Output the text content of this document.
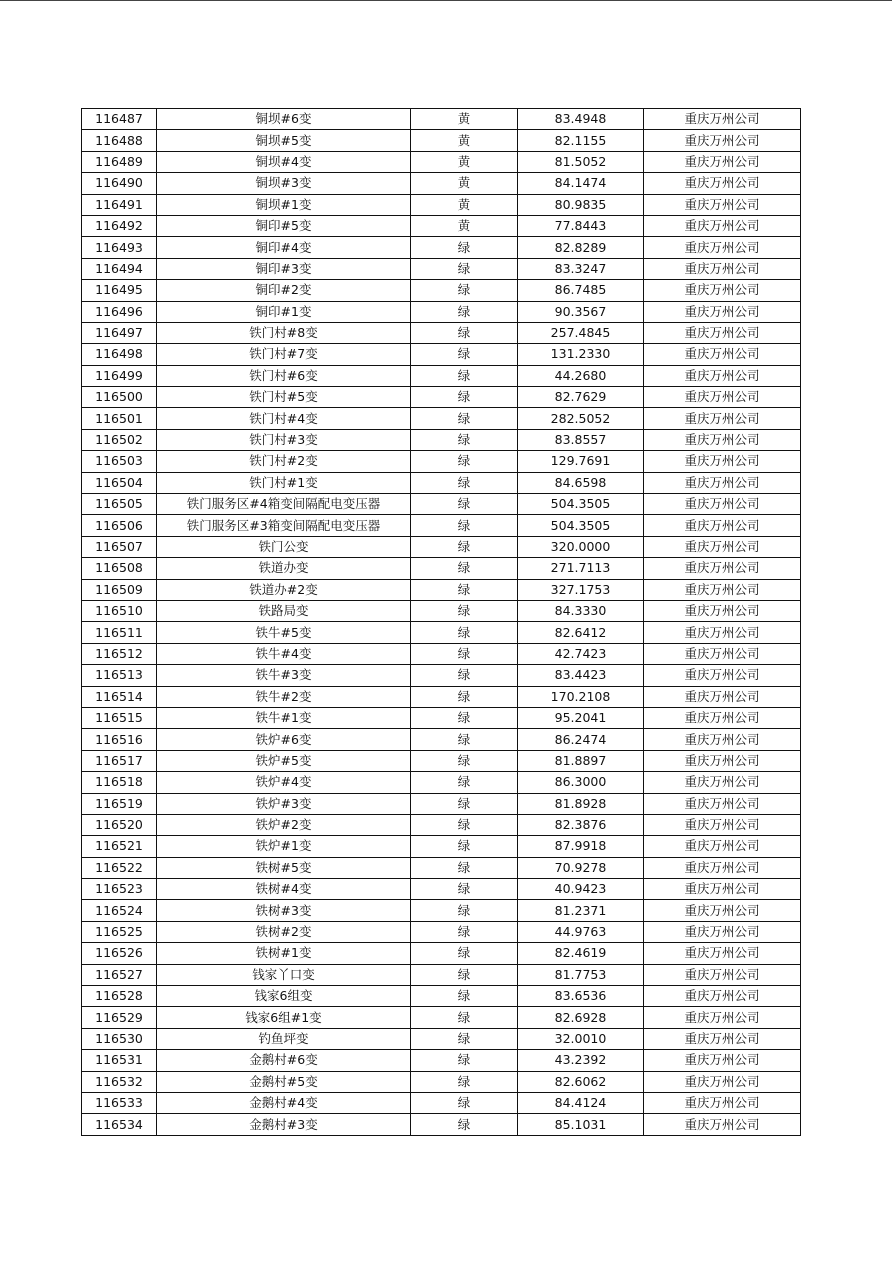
116487	铜坝#6变	黄	83.4948	重庆万州公司
116488	铜坝#5变	黄	82.1155	重庆万州公司
116489	铜坝#4变	黄	81.5052	重庆万州公司
116490	铜坝#3变	黄	84.1474	重庆万州公司
116491	铜坝#1变	黄	80.9835	重庆万州公司
116492	铜印#5变	黄	77.8443	重庆万州公司
116493	铜印#4变	绿	82.8289	重庆万州公司
116494	铜印#3变	绿	83.3247	重庆万州公司
116495	铜印#2变	绿	86.7485	重庆万州公司
116496	铜印#1变	绿	90.3567	重庆万州公司
116497	铁门村#8变	绿	257.4845	重庆万州公司
116498	铁门村#7变	绿	131.2330	重庆万州公司
116499	铁门村#6变	绿	44.2680	重庆万州公司
116500	铁门村#5变	绿	82.7629	重庆万州公司
116501	铁门村#4变	绿	282.5052	重庆万州公司
116502	铁门村#3变	绿	83.8557	重庆万州公司
116503	铁门村#2变	绿	129.7691	重庆万州公司
116504	铁门村#1变	绿	84.6598	重庆万州公司
116505	铁门服务区#4箱变间隔配电变压器	绿	504.3505	重庆万州公司
116506	铁门服务区#3箱变间隔配电变压器	绿	504.3505	重庆万州公司
116507	铁门公变	绿	320.0000	重庆万州公司
116508	铁道办变	绿	271.7113	重庆万州公司
116509	铁道办#2变	绿	327.1753	重庆万州公司
116510	铁路局变	绿	84.3330	重庆万州公司
116511	铁牛#5变	绿	82.6412	重庆万州公司
116512	铁牛#4变	绿	42.7423	重庆万州公司
116513	铁牛#3变	绿	83.4423	重庆万州公司
116514	铁牛#2变	绿	170.2108	重庆万州公司
116515	铁牛#1变	绿	95.2041	重庆万州公司
116516	铁炉#6变	绿	86.2474	重庆万州公司
116517	铁炉#5变	绿	81.8897	重庆万州公司
116518	铁炉#4变	绿	86.3000	重庆万州公司
116519	铁炉#3变	绿	81.8928	重庆万州公司
116520	铁炉#2变	绿	82.3876	重庆万州公司
116521	铁炉#1变	绿	87.9918	重庆万州公司
116522	铁树#5变	绿	70.9278	重庆万州公司
116523	铁树#4变	绿	40.9423	重庆万州公司
116524	铁树#3变	绿	81.2371	重庆万州公司
116525	铁树#2变	绿	44.9763	重庆万州公司
116526	铁树#1变	绿	82.4619	重庆万州公司
116527	钱家丫口变	绿	81.7753	重庆万州公司
116528	钱家6组变	绿	83.6536	重庆万州公司
116529	钱家6组#1变	绿	82.6928	重庆万州公司
116530	钓鱼坪变	绿	32.0010	重庆万州公司
116531	金鹅村#6变	绿	43.2392	重庆万州公司
116532	金鹅村#5变	绿	82.6062	重庆万州公司
116533	金鹅村#4变	绿	84.4124	重庆万州公司
116534	金鹅村#3变	绿	85.1031	重庆万州公司
